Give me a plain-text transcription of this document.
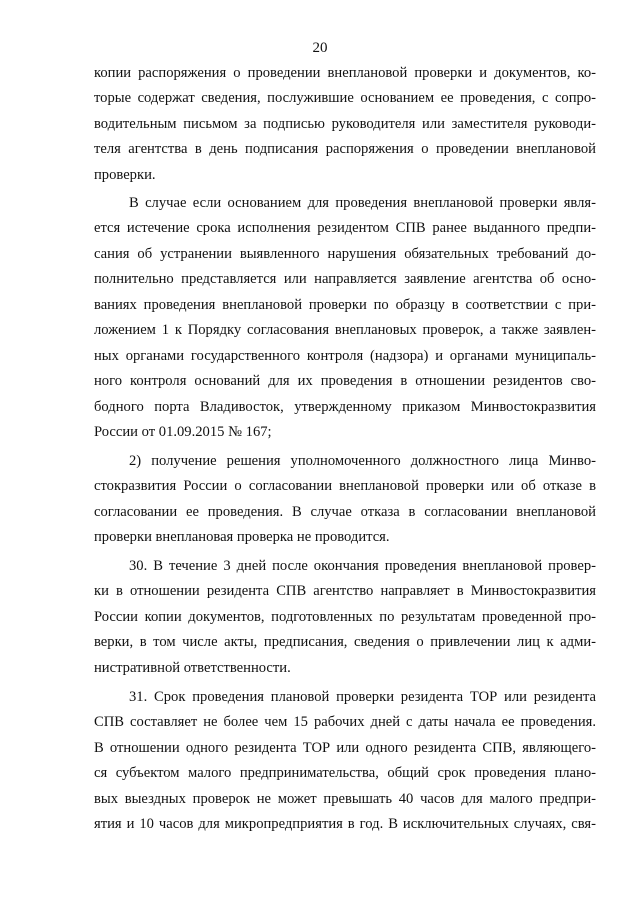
20
копии распоряжения о проведении внеплановой проверки и документов, ко-
торые содержат сведения, послужившие основанием ее проведения, с сопро-
водительным письмом за подписью руководителя или заместителя руководи-
теля агентства в день подписания распоряжения о проведении внеплановой
проверки.
В случае если основанием для проведения внеплановой проверки явля-
ется истечение срока исполнения резидентом СПВ ранее выданного предпи-
сания об устранении выявленного нарушения обязательных требований до-
полнительно представляется или направляется заявление агентства об осно-
ваниях проведения внеплановой проверки по образцу в соответствии с при-
ложением 1 к Порядку согласования внеплановых проверок, а также заявлен-
ных органами государственного контроля (надзора) и органами муниципаль-
ного контроля оснований для их проведения в отношении резидентов сво-
бодного порта Владивосток, утвержденному приказом Минвостокразвития
России от 01.09.2015 № 167;
2) получение решения уполномоченного должностного лица Минво-
стокразвития России о согласовании внеплановой проверки или об отказе в
согласовании ее проведения. В случае отказа в согласовании внеплановой
проверки внеплановая проверка не проводится.
30. В течение 3 дней после окончания проведения внеплановой провер-
ки в отношении резидента СПВ агентство направляет в Минвостокразвития
России копии документов, подготовленных по результатам проведенной про-
верки, в том числе акты, предписания, сведения о привлечении лиц к адми-
нистративной ответственности.
31. Срок проведения плановой проверки резидента ТОР или резидента
СПВ составляет не более чем 15 рабочих дней с даты начала ее проведения.
В отношении одного резидента ТОР или одного резидента СПВ, являющего-
ся субъектом малого предпринимательства, общий срок проведения плано-
вых выездных проверок не может превышать 40 часов для малого предпри-
ятия и 10 часов для микропредприятия в год. В исключительных случаях, свя-
